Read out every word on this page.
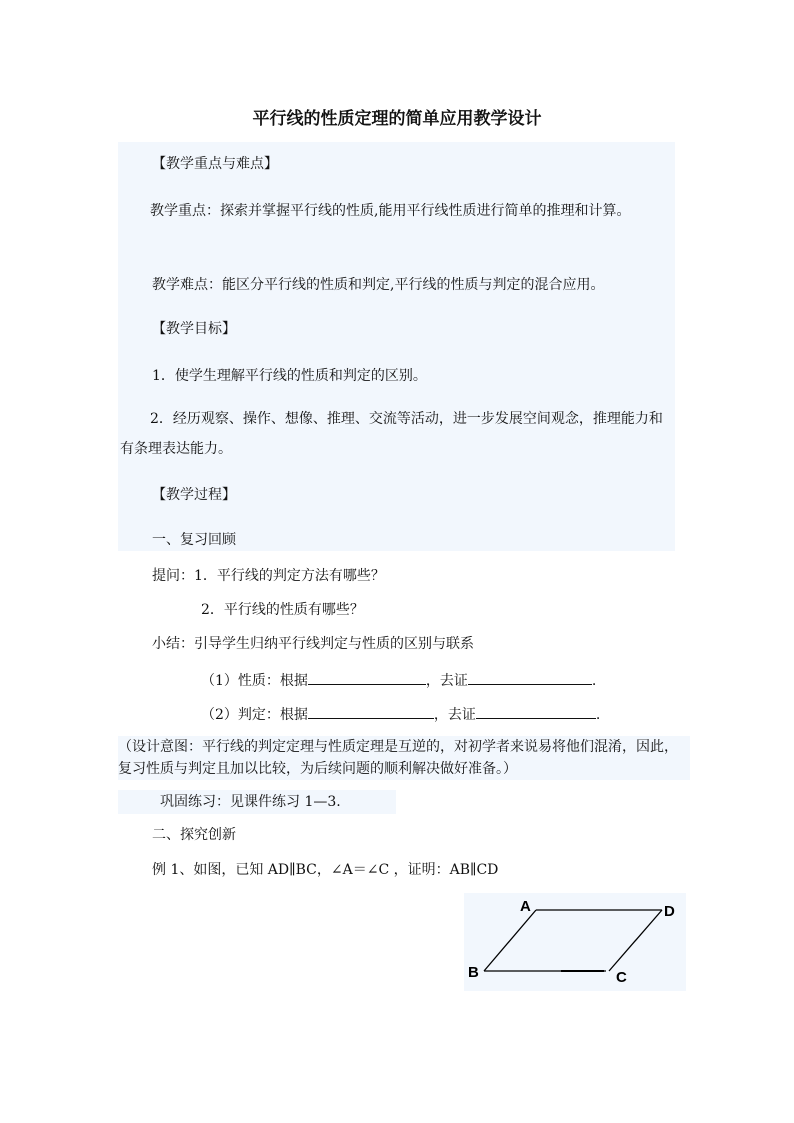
平行线的性质定理的简单应用教学设计
【教学重点与难点】
教学重点：探索并掌握平行线的性质,能用平行线性质进行简单的推理和计算。
教学难点：能区分平行线的性质和判定,平行线的性质与判定的混合应用。
【教学目标】
1．使学生理解平行线的性质和判定的区别。
2．经历观察、操作、想像、推理、交流等活动，进一步发展空间观念，推理能力和有条理表达能力。
【教学过程】
一、复习回顾
提问：1．平行线的判定方法有哪些？
2．平行线的性质有哪些？
小结：引导学生归纳平行线判定与性质的区别与联系
（1）性质：根据	，去证	.
（2）判定：根据	，去证	.
（设计意图：平行线的判定定理与性质定理是互逆的，对初学者来说易将他们混淆，因此，复习性质与判定且加以比较，为后续问题的顺利解决做好准备。）
巩固练习：见课件练习 1—3.
二、探究创新
例 1、如图，已知 AD∥BC，∠A＝∠C ，证明：AB∥CD
A	D
B	C
